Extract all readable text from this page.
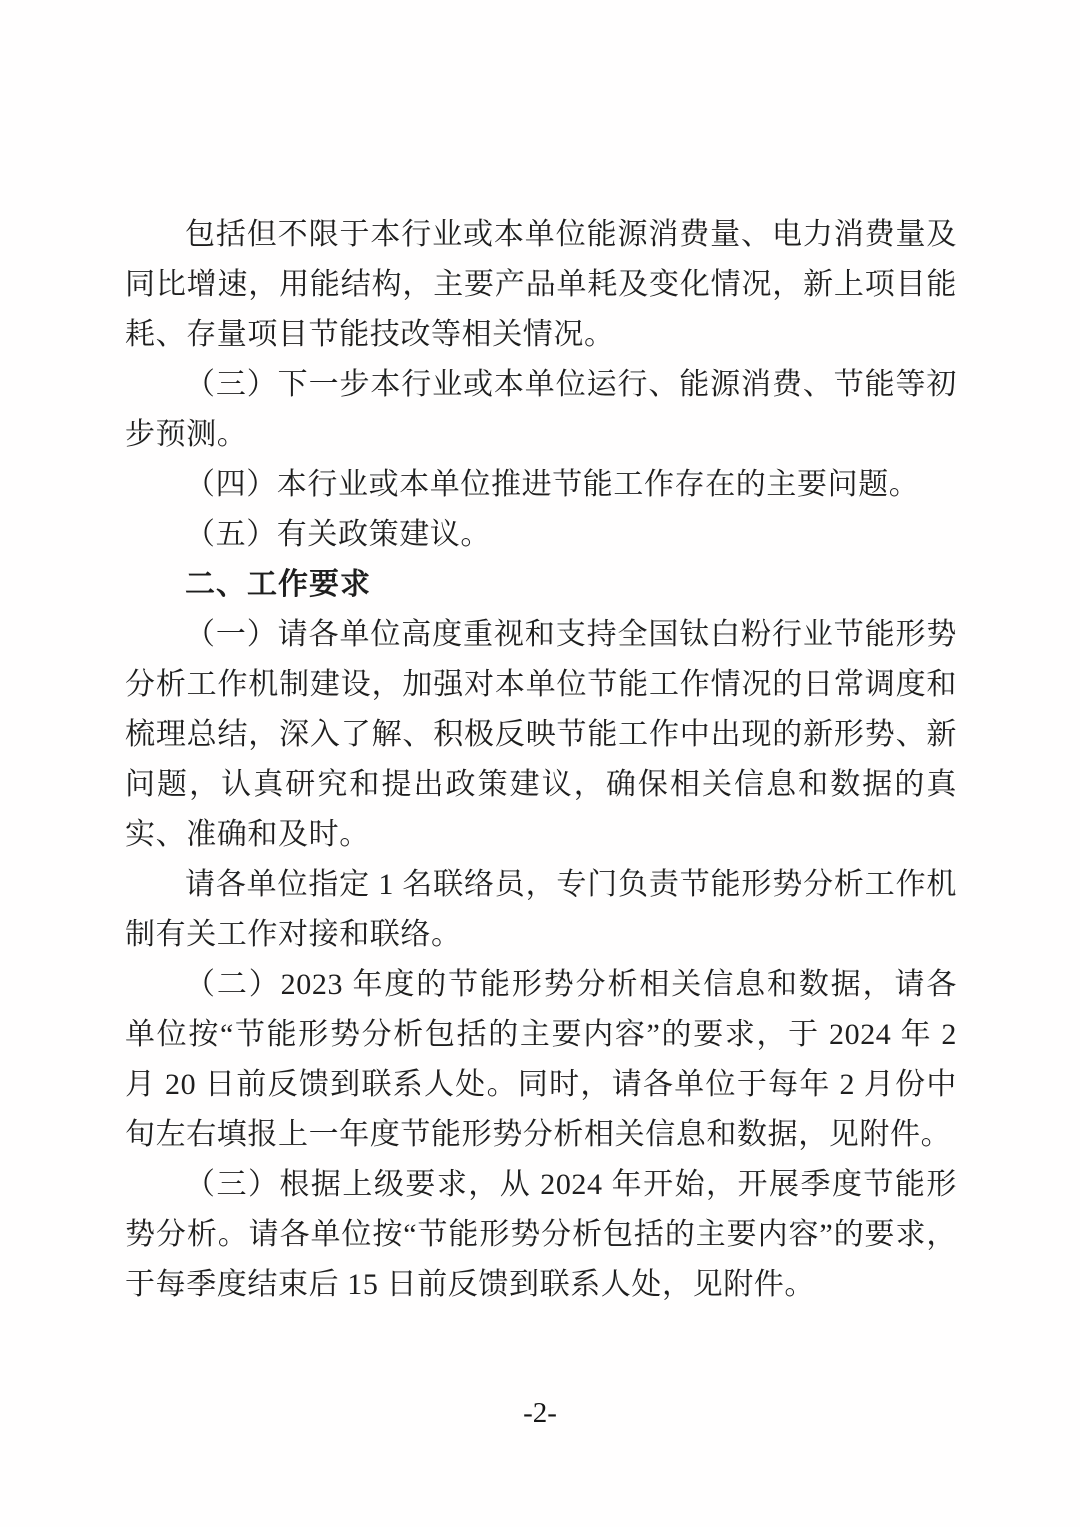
包括但不限于本行业或本单位能源消费量、电力消费量及同比增速，用能结构，主要产品单耗及变化情况，新上项目能耗、存量项目节能技改等相关情况。

（三）下一步本行业或本单位运行、能源消费、节能等初步预测。

（四）本行业或本单位推进节能工作存在的主要问题。

（五）有关政策建议。

二、工作要求

（一）请各单位高度重视和支持全国钛白粉行业节能形势分析工作机制建设，加强对本单位节能工作情况的日常调度和梳理总结，深入了解、积极反映节能工作中出现的新形势、新问题，认真研究和提出政策建议，确保相关信息和数据的真实、准确和及时。

请各单位指定 1 名联络员，专门负责节能形势分析工作机制有关工作对接和联络。

（二）2023 年度的节能形势分析相关信息和数据，请各单位按“节能形势分析包括的主要内容”的要求，于 2024 年 2 月 20 日前反馈到联系人处。同时，请各单位于每年 2 月份中旬左右填报上一年度节能形势分析相关信息和数据，见附件。

（三）根据上级要求，从 2024 年开始，开展季度节能形势分析。请各单位按“节能形势分析包括的主要内容”的要求，于每季度结束后 15 日前反馈到联系人处，见附件。

-2-
